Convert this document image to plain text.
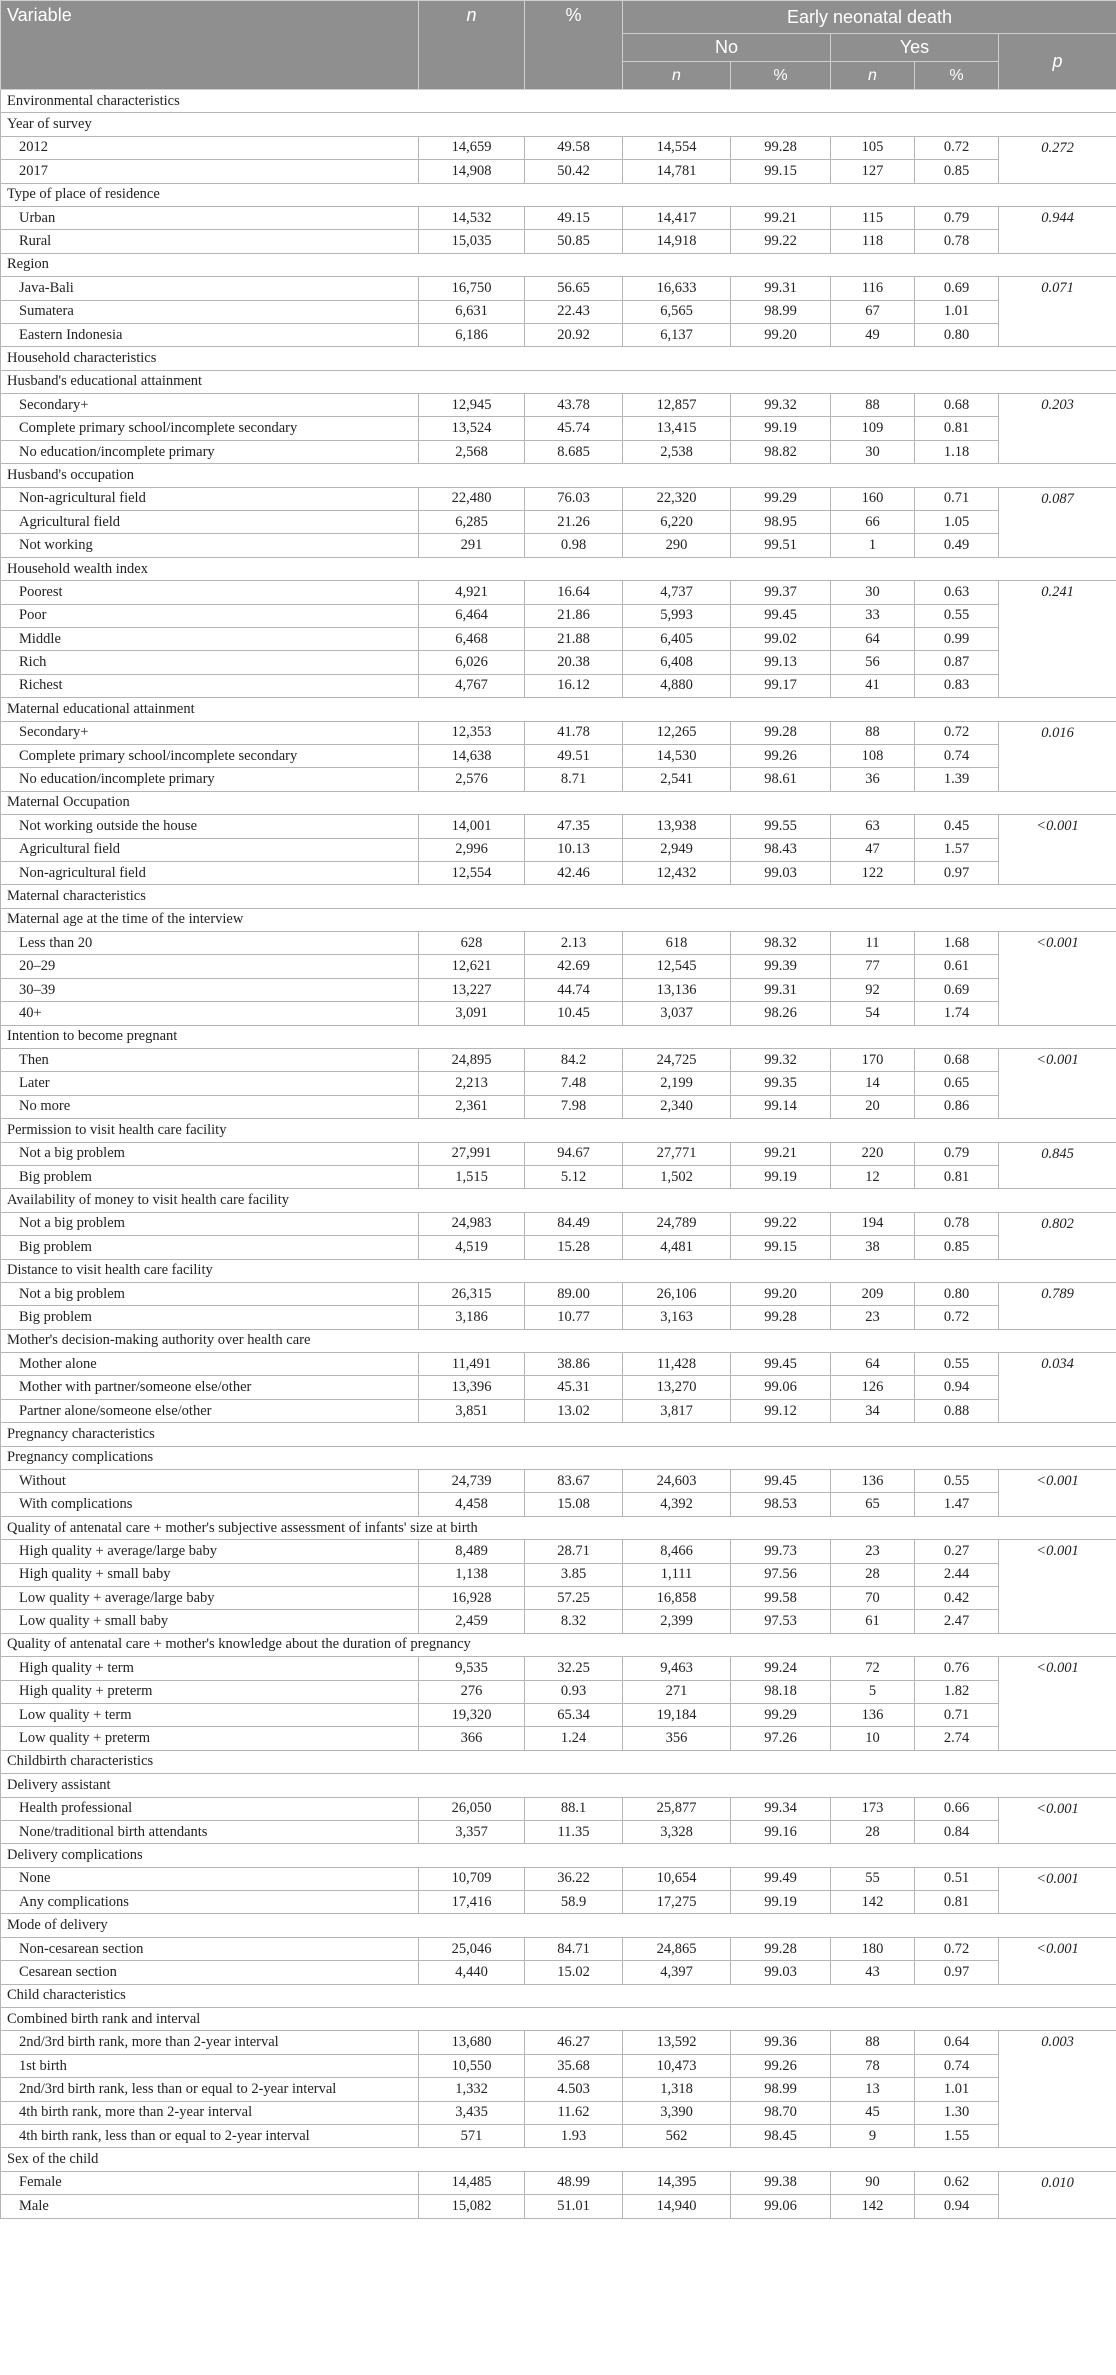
Variable	n	%	Early neonatal death				
			No		Yes		p
			n	%	n	%	
Environmental characteristics							
Year of survey							
2012	14,659	49.58	14,554	99.28	105	0.72	0.272
2017	14,908	50.42	14,781	99.15	127	0.85	
Type of place of residence							
Urban	14,532	49.15	14,417	99.21	115	0.79	0.944
Rural	15,035	50.85	14,918	99.22	118	0.78	
Region							
Java-Bali	16,750	56.65	16,633	99.31	116	0.69	0.071
Sumatera	6,631	22.43	6,565	98.99	67	1.01	
Eastern Indonesia	6,186	20.92	6,137	99.20	49	0.80	
Household characteristics							
Husband's educational attainment							
Secondary+	12,945	43.78	12,857	99.32	88	0.68	0.203
Complete primary school/incomplete secondary	13,524	45.74	13,415	99.19	109	0.81	
No education/incomplete primary	2,568	8.685	2,538	98.82	30	1.18	
Husband's occupation							
Non-agricultural field	22,480	76.03	22,320	99.29	160	0.71	0.087
Agricultural field	6,285	21.26	6,220	98.95	66	1.05	
Not working	291	0.98	290	99.51	1	0.49	
Household wealth index							
Poorest	4,921	16.64	4,737	99.37	30	0.63	0.241
Poor	6,464	21.86	5,993	99.45	33	0.55	
Middle	6,468	21.88	6,405	99.02	64	0.99	
Rich	6,026	20.38	6,408	99.13	56	0.87	
Richest	4,767	16.12	4,880	99.17	41	0.83	
Maternal educational attainment							
Secondary+	12,353	41.78	12,265	99.28	88	0.72	0.016
Complete primary school/incomplete secondary	14,638	49.51	14,530	99.26	108	0.74	
No education/incomplete primary	2,576	8.71	2,541	98.61	36	1.39	
Maternal Occupation							
Not working outside the house	14,001	47.35	13,938	99.55	63	0.45	<0.001
Agricultural field	2,996	10.13	2,949	98.43	47	1.57	
Non-agricultural field	12,554	42.46	12,432	99.03	122	0.97	
Maternal characteristics							
Maternal age at the time of the interview							
Less than 20	628	2.13	618	98.32	11	1.68	<0.001
20–29	12,621	42.69	12,545	99.39	77	0.61	
30–39	13,227	44.74	13,136	99.31	92	0.69	
40+	3,091	10.45	3,037	98.26	54	1.74	
Intention to become pregnant							
Then	24,895	84.2	24,725	99.32	170	0.68	<0.001
Later	2,213	7.48	2,199	99.35	14	0.65	
No more	2,361	7.98	2,340	99.14	20	0.86	
Permission to visit health care facility							
Not a big problem	27,991	94.67	27,771	99.21	220	0.79	0.845
Big problem	1,515	5.12	1,502	99.19	12	0.81	
Availability of money to visit health care facility							
Not a big problem	24,983	84.49	24,789	99.22	194	0.78	0.802
Big problem	4,519	15.28	4,481	99.15	38	0.85	
Distance to visit health care facility							
Not a big problem	26,315	89.00	26,106	99.20	209	0.80	0.789
Big problem	3,186	10.77	3,163	99.28	23	0.72	
Mother's decision-making authority over health care							
Mother alone	11,491	38.86	11,428	99.45	64	0.55	0.034
Mother with partner/someone else/other	13,396	45.31	13,270	99.06	126	0.94	
Partner alone/someone else/other	3,851	13.02	3,817	99.12	34	0.88	
Pregnancy characteristics							
Pregnancy complications							
Without	24,739	83.67	24,603	99.45	136	0.55	<0.001
With complications	4,458	15.08	4,392	98.53	65	1.47	
Quality of antenatal care + mother's subjective assessment of infants' size at birth							
High quality + average/large baby	8,489	28.71	8,466	99.73	23	0.27	<0.001
High quality + small baby	1,138	3.85	1,111	97.56	28	2.44	
Low quality + average/large baby	16,928	57.25	16,858	99.58	70	0.42	
Low quality + small baby	2,459	8.32	2,399	97.53	61	2.47	
Quality of antenatal care + mother's knowledge about the duration of pregnancy							
High quality + term	9,535	32.25	9,463	99.24	72	0.76	<0.001
High quality + preterm	276	0.93	271	98.18	5	1.82	
Low quality + term	19,320	65.34	19,184	99.29	136	0.71	
Low quality + preterm	366	1.24	356	97.26	10	2.74	
Childbirth characteristics							
Delivery assistant							
Health professional	26,050	88.1	25,877	99.34	173	0.66	<0.001
None/traditional birth attendants	3,357	11.35	3,328	99.16	28	0.84	
Delivery complications							
None	10,709	36.22	10,654	99.49	55	0.51	<0.001
Any complications	17,416	58.9	17,275	99.19	142	0.81	
Mode of delivery							
Non-cesarean section	25,046	84.71	24,865	99.28	180	0.72	<0.001
Cesarean section	4,440	15.02	4,397	99.03	43	0.97	
Child characteristics							
Combined birth rank and interval							
2nd/3rd birth rank, more than 2-year interval	13,680	46.27	13,592	99.36	88	0.64	0.003
1st birth	10,550	35.68	10,473	99.26	78	0.74	
2nd/3rd birth rank, less than or equal to 2-year interval	1,332	4.503	1,318	98.99	13	1.01	
4th birth rank, more than 2-year interval	3,435	11.62	3,390	98.70	45	1.30	
4th birth rank, less than or equal to 2-year interval	571	1.93	562	98.45	9	1.55	
Sex of the child							
Female	14,485	48.99	14,395	99.38	90	0.62	0.010
Male	15,082	51.01	14,940	99.06	142	0.94	
